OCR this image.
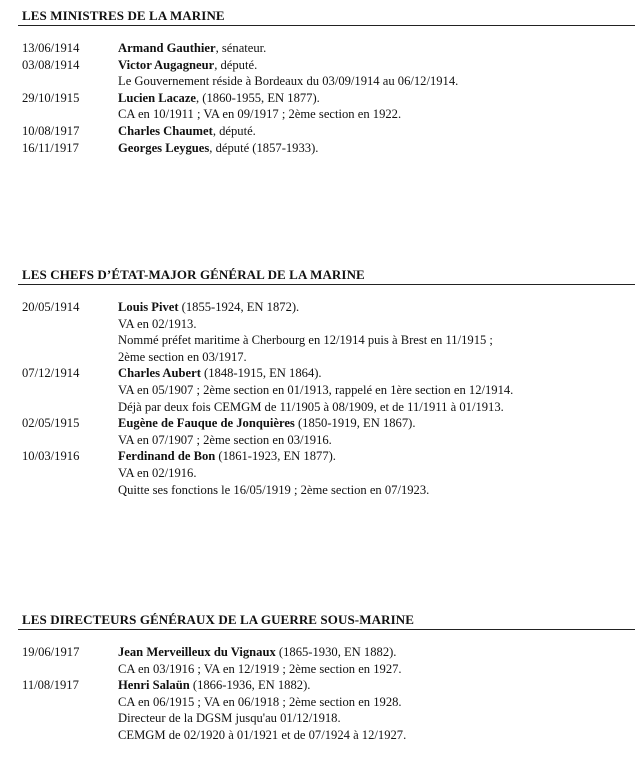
LES MINISTRES DE LA MARINE
13/06/1914	Armand Gauthier, sénateur.
03/08/1914	Victor Augagneur, député.
Le Gouvernement réside à Bordeaux du 03/09/1914 au 06/12/1914.
29/10/1915	Lucien Lacaze, (1860-1955, EN 1877).
CA en 10/1911 ; VA en 09/1917 ; 2ème section en 1922.
10/08/1917	Charles Chaumet, député.
16/11/1917	Georges Leygues, député (1857-1933).
LES CHEFS D’ÉTAT-MAJOR GÉNÉRAL DE LA MARINE
20/05/1914	Louis Pivet (1855-1924, EN 1872).
VA en 02/1913.
Nommé préfet maritime à Cherbourg en 12/1914 puis à Brest en 11/1915 ;
2ème section en 03/1917.
07/12/1914	Charles Aubert (1848-1915, EN 1864).
VA en 05/1907 ; 2ème section en 01/1913, rappelé en 1ère section en 12/1914.
Déjà par deux fois CEMGM de 11/1905 à 08/1909, et de 11/1911 à 01/1913.
02/05/1915	Eugène de Fauque de Jonquières (1850-1919, EN 1867).
VA en 07/1907 ; 2ème section en 03/1916.
10/03/1916	Ferdinand de Bon (1861-1923, EN 1877).
VA en 02/1916.
Quitte ses fonctions le 16/05/1919 ; 2ème section en 07/1923.
LES DIRECTEURS GÉNÉRAUX DE LA GUERRE SOUS-MARINE
19/06/1917	Jean Merveilleux du Vignaux (1865-1930, EN 1882).
CA en 03/1916 ; VA en 12/1919 ; 2ème section en 1927.
11/08/1917	Henri Salaün (1866-1936, EN 1882).
CA en 06/1915 ; VA en 06/1918 ; 2ème section en 1928.
Directeur de la DGSM jusqu'au 01/12/1918.
CEMGM de 02/1920 à 01/1921 et de 07/1924 à 12/1927.
